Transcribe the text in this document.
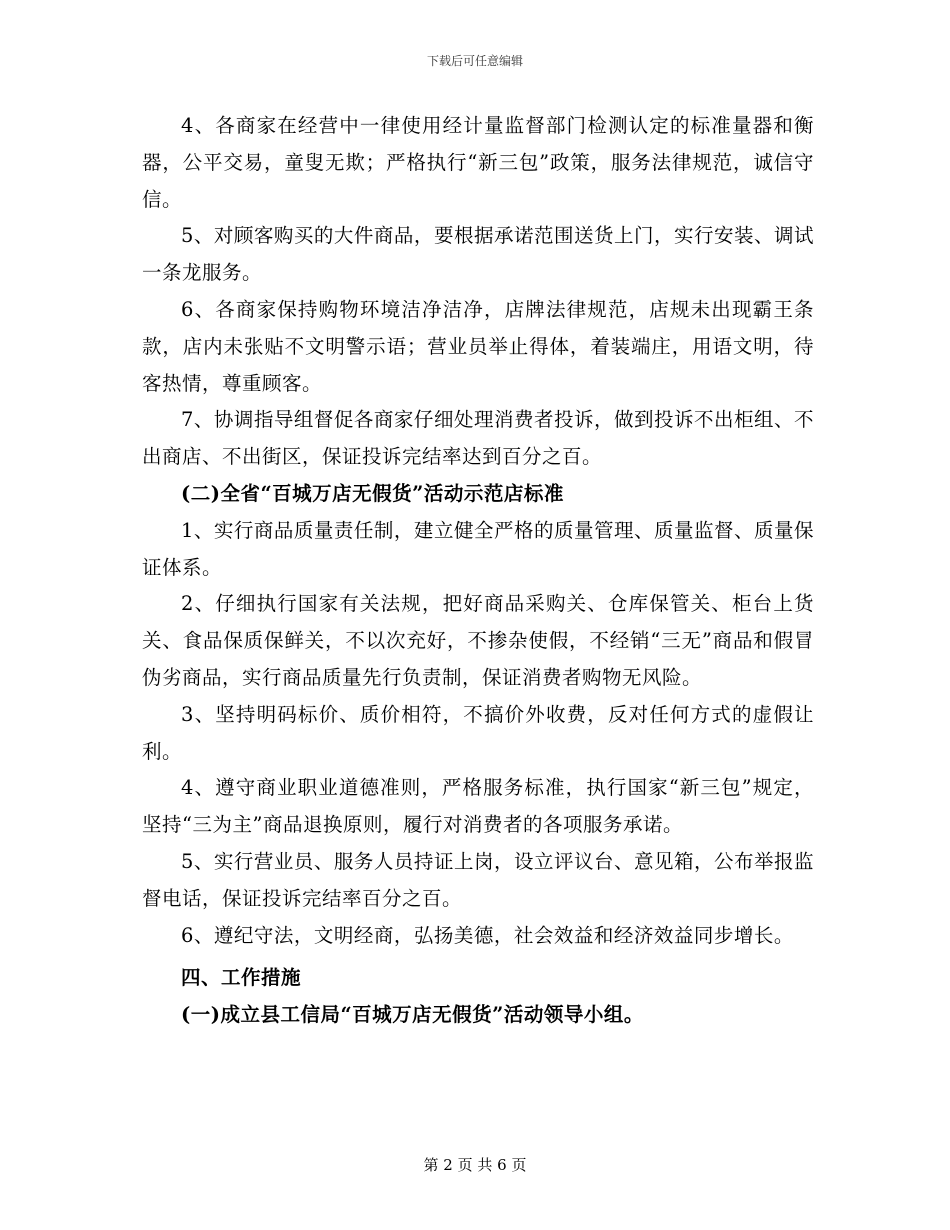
下载后可任意编辑

4、各商家在经营中一律使用经计量监督部门检测认定的标准量器和衡器，公平交易，童叟无欺；严格执行“新三包”政策，服务法律规范，诚信守信。

5、对顾客购买的大件商品，要根据承诺范围送货上门，实行安装、调试一条龙服务。

6、各商家保持购物环境洁净洁净，店牌法律规范，店规未出现霸王条款，店内未张贴不文明警示语；营业员举止得体，着装端庄，用语文明，待客热情，尊重顾客。

7、协调指导组督促各商家仔细处理消费者投诉，做到投诉不出柜组、不出商店、不出街区，保证投诉完结率达到百分之百。

(二)全省“百城万店无假货”活动示范店标准

1、实行商品质量责任制，建立健全严格的质量管理、质量监督、质量保证体系。

2、仔细执行国家有关法规，把好商品采购关、仓库保管关、柜台上货关、食品保质保鲜关，不以次充好，不掺杂使假，不经销“三无”商品和假冒伪劣商品，实行商品质量先行负责制，保证消费者购物无风险。

3、坚持明码标价、质价相符，不搞价外收费，反对任何方式的虚假让利。

4、遵守商业职业道德准则，严格服务标准，执行国家“新三包”规定，坚持“三为主”商品退换原则，履行对消费者的各项服务承诺。

5、实行营业员、服务人员持证上岗，设立评议台、意见箱，公布举报监督电话，保证投诉完结率百分之百。

6、遵纪守法，文明经商，弘扬美德，社会效益和经济效益同步增长。

四、工作措施

(一)成立县工信局“百城万店无假货”活动领导小组。

第 2 页 共 6 页
